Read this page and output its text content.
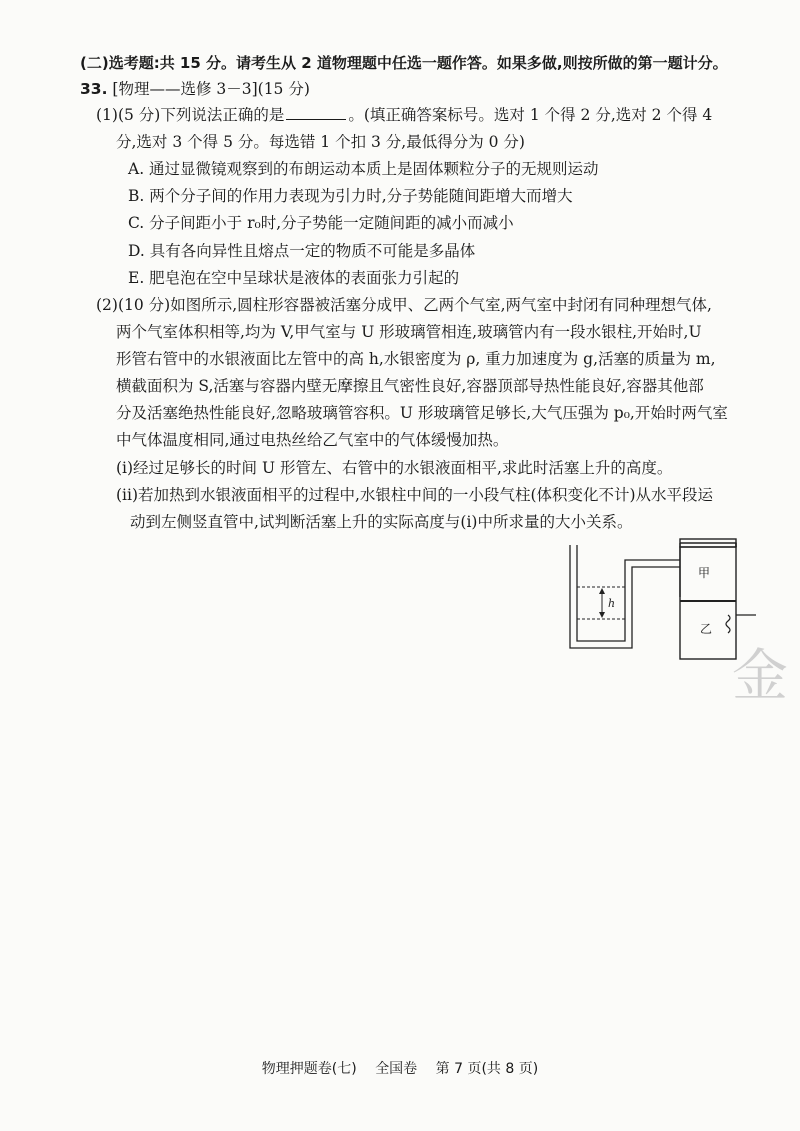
(二)选考题:共 15 分。请考生从 2 道物理题中任选一题作答。如果多做,则按所做的第一题计分。
33. [物理——选修 3－3](15 分)
(1)(5 分)下列说法正确的是	。(填正确答案标号。选对 1 个得 2 分,选对 2 个得 4
分,选对 3 个得 5 分。每选错 1 个扣 3 分,最低得分为 0 分)
A. 通过显微镜观察到的布朗运动本质上是固体颗粒分子的无规则运动
B. 两个分子间的作用力表现为引力时,分子势能随间距增大而增大
C. 分子间距小于 r₀时,分子势能一定随间距的减小而减小
D. 具有各向异性且熔点一定的物质不可能是多晶体
E. 肥皂泡在空中呈球状是液体的表面张力引起的
(2)(10 分)如图所示,圆柱形容器被活塞分成甲、乙两个气室,两气室中封闭有同种理想气体,
两个气室体积相等,均为 V,甲气室与 U 形玻璃管相连,玻璃管内有一段水银柱,开始时,U
形管右管中的水银液面比左管中的高 h,水银密度为 ρ, 重力加速度为 g,活塞的质量为 m,
横截面积为 S,活塞与容器内壁无摩擦且气密性良好,容器顶部导热性能良好,容器其他部
分及活塞绝热性能良好,忽略玻璃管容积。U 形玻璃管足够长,大气压强为 p₀,开始时两气室
中气体温度相同,通过电热丝给乙气室中的气体缓慢加热。
(i)经过足够长的时间 U 形管左、右管中的水银液面相平,求此时活塞上升的高度。
(ii)若加热到水银液面相平的过程中,水银柱中间的一小段气柱(体积变化不计)从水平段运
动到左侧竖直管中,试判断活塞上升的实际高度与(i)中所求量的大小关系。
h
甲
乙
金
物理押题卷(七) 全国卷 第 7 页(共 8 页)
